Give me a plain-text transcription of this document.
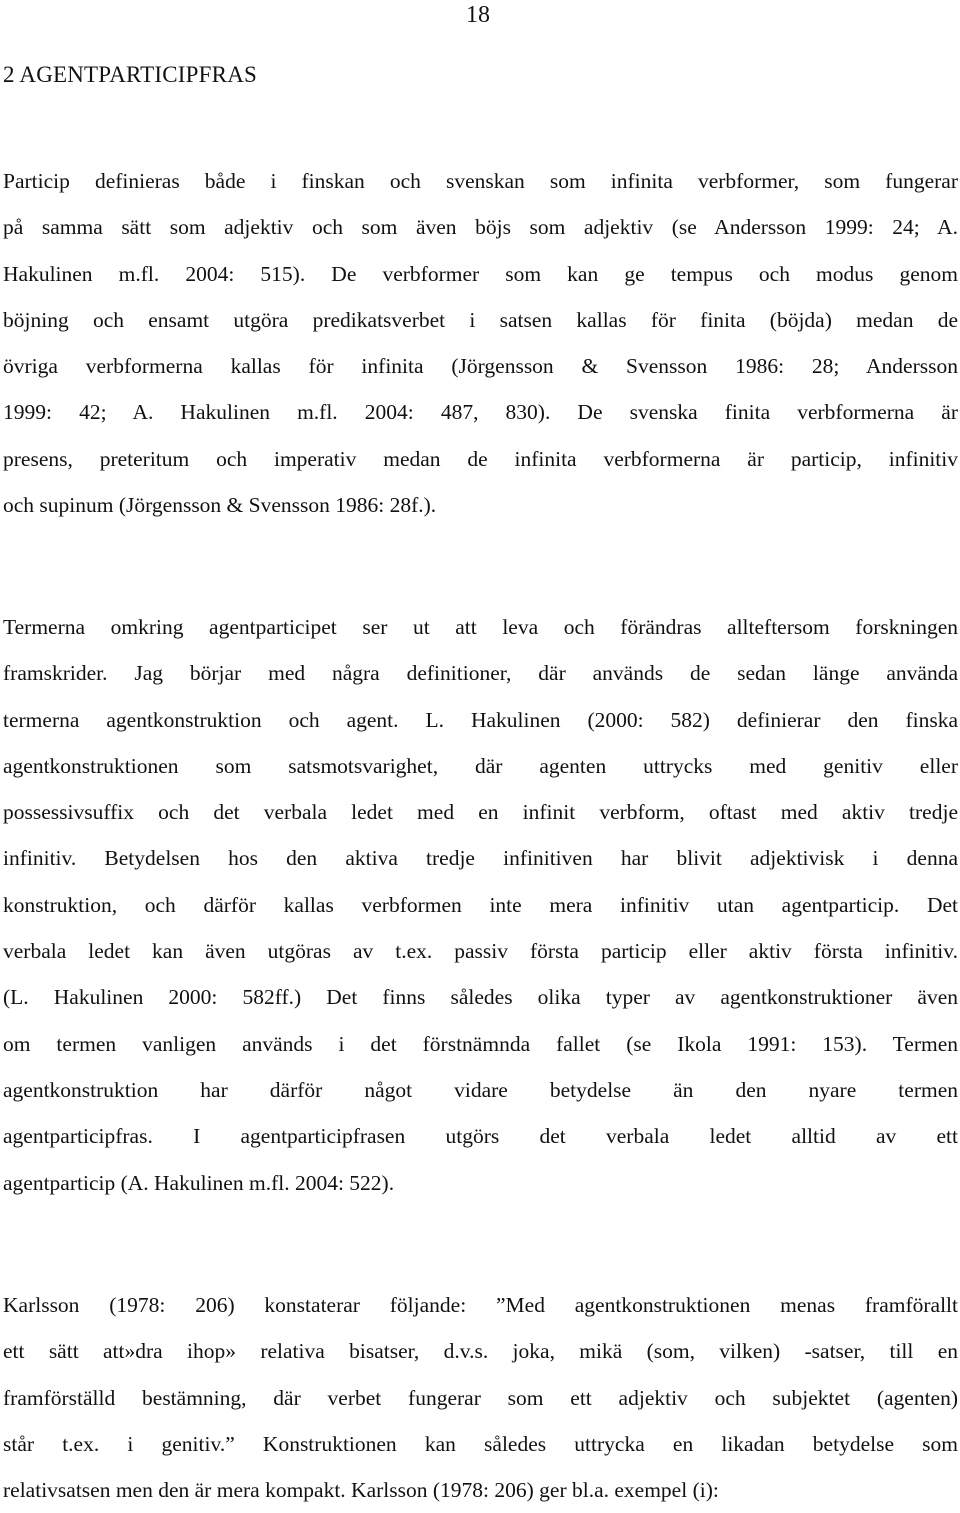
18
2 AGENTPARTICIPFRAS
Particip definieras både i finskan och svenskan som infinita verbformer, som fungerar
på samma sätt som adjektiv och som även böjs som adjektiv (se Andersson 1999: 24; A.
Hakulinen m.fl. 2004: 515). De verbformer som kan ge tempus och modus genom
böjning och ensamt utgöra predikatsverbet i satsen kallas för finita (böjda) medan de
övriga verbformerna kallas för infinita (Jörgensson & Svensson 1986: 28; Andersson
1999: 42; A. Hakulinen m.fl. 2004: 487, 830). De svenska finita verbformerna är
presens, preteritum och imperativ medan de infinita verbformerna är particip, infinitiv
och supinum (Jörgensson & Svensson 1986: 28f.).
Termerna omkring agentparticipet ser ut att leva och förändras allteftersom forskningen
framskrider. Jag börjar med några definitioner, där används de sedan länge använda
termerna agentkonstruktion och agent. L. Hakulinen (2000: 582) definierar den finska
agentkonstruktionen som satsmotsvarighet, där agenten uttrycks med genitiv eller
possessivsuffix och det verbala ledet med en infinit verbform, oftast med aktiv tredje
infinitiv. Betydelsen hos den aktiva tredje infinitiven har blivit adjektivisk i denna
konstruktion, och därför kallas verbformen inte mera infinitiv utan agentparticip. Det
verbala ledet kan även utgöras av t.ex. passiv första particip eller aktiv första infinitiv.
(L. Hakulinen 2000: 582ff.) Det finns således olika typer av agentkonstruktioner även
om termen vanligen används i det förstnämnda fallet (se Ikola 1991: 153). Termen
agentkonstruktion har därför något vidare betydelse än den nyare termen
agentparticipfras. I agentparticipfrasen utgörs det verbala ledet alltid av ett
agentparticip (A. Hakulinen m.fl. 2004: 522).
Karlsson (1978: 206) konstaterar följande: ”Med agentkonstruktionen menas framförallt
ett sätt att»dra ihop» relativa bisatser, d.v.s. joka, mikä (som, vilken) -satser, till en
framförställd bestämning, där verbet fungerar som ett adjektiv och subjektet (agenten)
står t.ex. i genitiv.” Konstruktionen kan således uttrycka en likadan betydelse som
relativsatsen men den är mera kompakt. Karlsson (1978: 206) ger bl.a. exempel (i):
